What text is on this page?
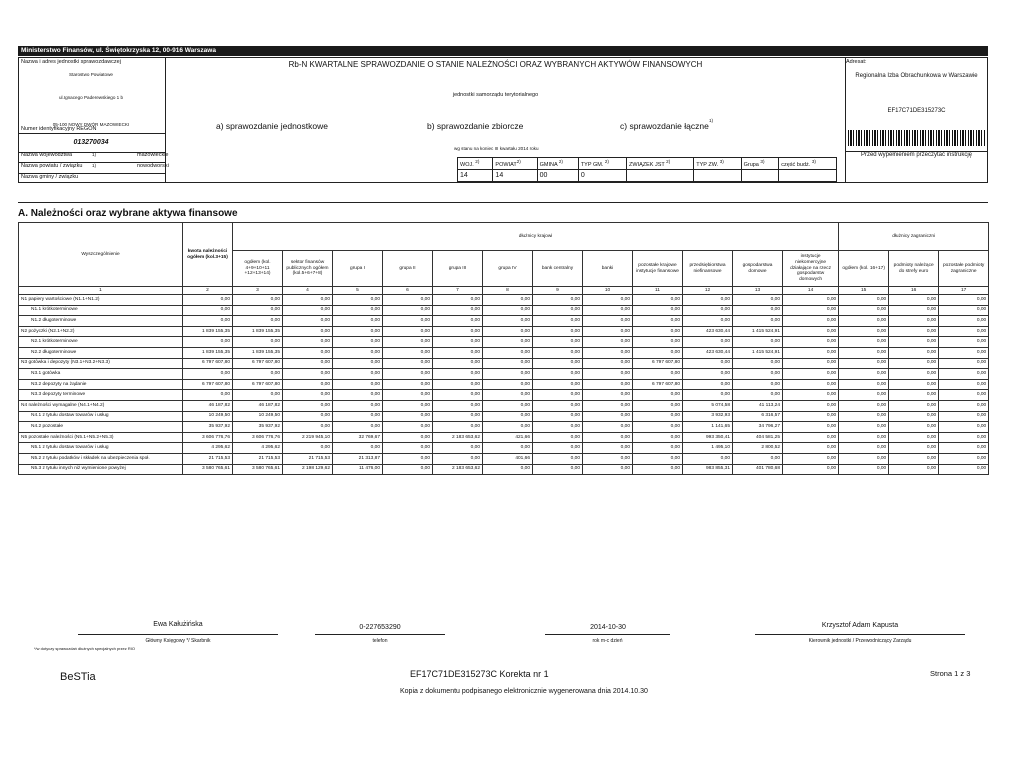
Ministerstwo Finansów, ul. Świętokrzyska 12, 00-916 Warszawa
Nazwa i adres jednostki sprawozdawczej
Starostwo Powiatowe
ul.Ignacego Paderewskiego 1 b
05-100 NOWY DWÓR MAZOWIECKI
Numer identyfikacyjny REGON
013270034
Nazwa województwa	1)	mazowieckie
Nazwa powiatu / związku 1)	nowodworski
Nazwa gminy / związku
Rb-N KWARTALNE SPRAWOZDANIE O STANIE NALEŻNOŚCI ORAZ WYBRANYCH AKTYWÓW FINANSOWYCH
jednostki samorządu terytorialnego
a) sprawozdanie jednostkowe	b) sprawozdanie zbiorcze	c) sprawozdanie łączne
1)
wg stanu na koniec III kwartału 2014 roku
Adresat:
Regionalna Izba Obrachunkowa w Warszawie
EF17C71DE315273C
Przed wypełnieniem przeczytać instrukcję
WOJ. $^{2)}$	POWIAT$^{2)}$	GMINA $^{2)}$	TYP GM. $^{2)}$	ZWIĄZEK JST $^{2)}$	TYP ZW. $^{3)}$	Grupa $^{3)}$	część budż. $^{3)}$
14	14	00	0				
A. Należności oraz wybrane aktywa finansowe
Wyszczególnienie	kwota należności ogółem (kol.3+15)	dłużnicy krajowi												dłużnicy zagraniczni		
		ogółem (kol. 4+9+10+11 +12+13+14)	sektor finansów publicznych ogółem (kol.5+6+7+8)	grupa I	grupa II	grupa III	grupa IV	bank centralny	banki	pozostałe krajowe instytucje finansowe	przedsiębiorstwa niefinansowe	gospodarstwa domowe	instytucje niekomercyjne działające na rzecz gospodarstw domowych	ogółem (kol. 16+17)	podmioty należące do strefy euro	pozostałe podmioty zagraniczne
1	2	3	4	5	6	7	8	9	10	11	12	13	14	15	16	17
N1 papiery wartościowe (N1.1+N1.2)	0,00	0,00	0,00	0,00	0,00	0,00	0,00	0,00	0,00	0,00	0,00	0,00	0,00	0,00	0,00	0,00
N1.1 krótkoterminowe	0,00	0,00	0,00	0,00	0,00	0,00	0,00	0,00	0,00	0,00	0,00	0,00	0,00	0,00	0,00	0,00
N1.2 długoterminowe	0,00	0,00	0,00	0,00	0,00	0,00	0,00	0,00	0,00	0,00	0,00	0,00	0,00	0,00	0,00	0,00
N2 pożyczki (N2.1+N2.2)	1 839 155,35	1 839 155,35	0,00	0,00	0,00	0,00	0,00	0,00	0,00	0,00	423 630,44	1 415 524,91	0,00	0,00	0,00	0,00
N2.1 krótkoterminowe	0,00	0,00	0,00	0,00	0,00	0,00	0,00	0,00	0,00	0,00	0,00	0,00	0,00	0,00	0,00	0,00
N2.2 długoterminowe	1 839 155,35	1 839 155,35	0,00	0,00	0,00	0,00	0,00	0,00	0,00	0,00	423 630,44	1 415 524,91	0,00	0,00	0,00	0,00
N3 gotówka i depozyty (N3.1+N3.2+N3.3)	6 797 607,80	6 797 607,80	0,00	0,00	0,00	0,00	0,00	0,00	0,00	6 797 607,80	0,00	0,00	0,00	0,00	0,00	0,00
N3.1 gotówka	0,00	0,00	0,00	0,00	0,00	0,00	0,00	0,00	0,00	0,00	0,00	0,00	0,00	0,00	0,00	0,00
N3.2 depozyty na żądanie	6 797 607,80	6 797 607,80	0,00	0,00	0,00	0,00	0,00	0,00	0,00	6 797 607,80	0,00	0,00	0,00	0,00	0,00	0,00
N3.3 depozyty terminowe	0,00	0,00	0,00	0,00	0,00	0,00	0,00	0,00	0,00	0,00	0,00	0,00	0,00	0,00	0,00	0,00
N4 należności wymagalne (N4.1+N4.2)	46 187,82	46 187,82	0,00	0,00	0,00	0,00	0,00	0,00	0,00	0,00	5 074,58	41 113,24	0,00	0,00	0,00	0,00
N4.1 z tytułu dostaw towarów i usług	10 249,50	10 249,50	0,00	0,00	0,00	0,00	0,00	0,00	0,00	0,00	3 932,93	6 316,57	0,00	0,00	0,00	0,00
N4.2 pozostałe	35 937,92	35 937,92	0,00	0,00	0,00	0,00	0,00	0,00	0,00	0,00	1 141,65	34 796,27	0,00	0,00	0,00	0,00
N5 pozostałe należności (N5.1+N5.2+N5.3)	3 606 776,76	3 606 776,76	2 219 945,10	32 769,67	0,00	2 183 653,62	421,66	0,00	0,00	0,00	993 350,41	404 581,25	0,00	0,00	0,00	0,00
N5.1 z tytułu dostaw towarów i usług	4 295,62	4 295,62	0,00	0,00	0,00	0,00	0,00	0,00	0,00	0,00	1 495,10	2 800,52	0,00	0,00	0,00	0,00
N5.2 z tytułu podatków i składek na ubezpieczenia społ.	21 715,53	21 715,53	21 715,53	21 313,87	0,00	0,00	401,66	0,00	0,00	0,00	0,00	0,00	0,00	0,00	0,00	0,00
N5.3 z tytułu innych niż wymienione powyżej	3 580 765,61	3 580 765,61	2 198 129,62	11 476,00	0,00	2 183 653,62	0,00	0,00	0,00	0,00	983 855,31	401 780,68	0,00	0,00	0,00	0,00
Ewa Kałużińska
Główny Księgowy */ Skarbnik
*/w dotyczy sprawozdań dłużnych specjalnych przez RIO
0-227653290
telefon
2014-10-30
rok m-c dzień
Krzysztof Adam Kapusta
Kierownik jednostki / Przewodniczący Zarządu
BeSTia	EF17C71DE315273C Korekta nr 1	Strona 1 z 3
Kopia z dokumentu podpisanego elektronicznie wygenerowana dnia 2014.10.30
